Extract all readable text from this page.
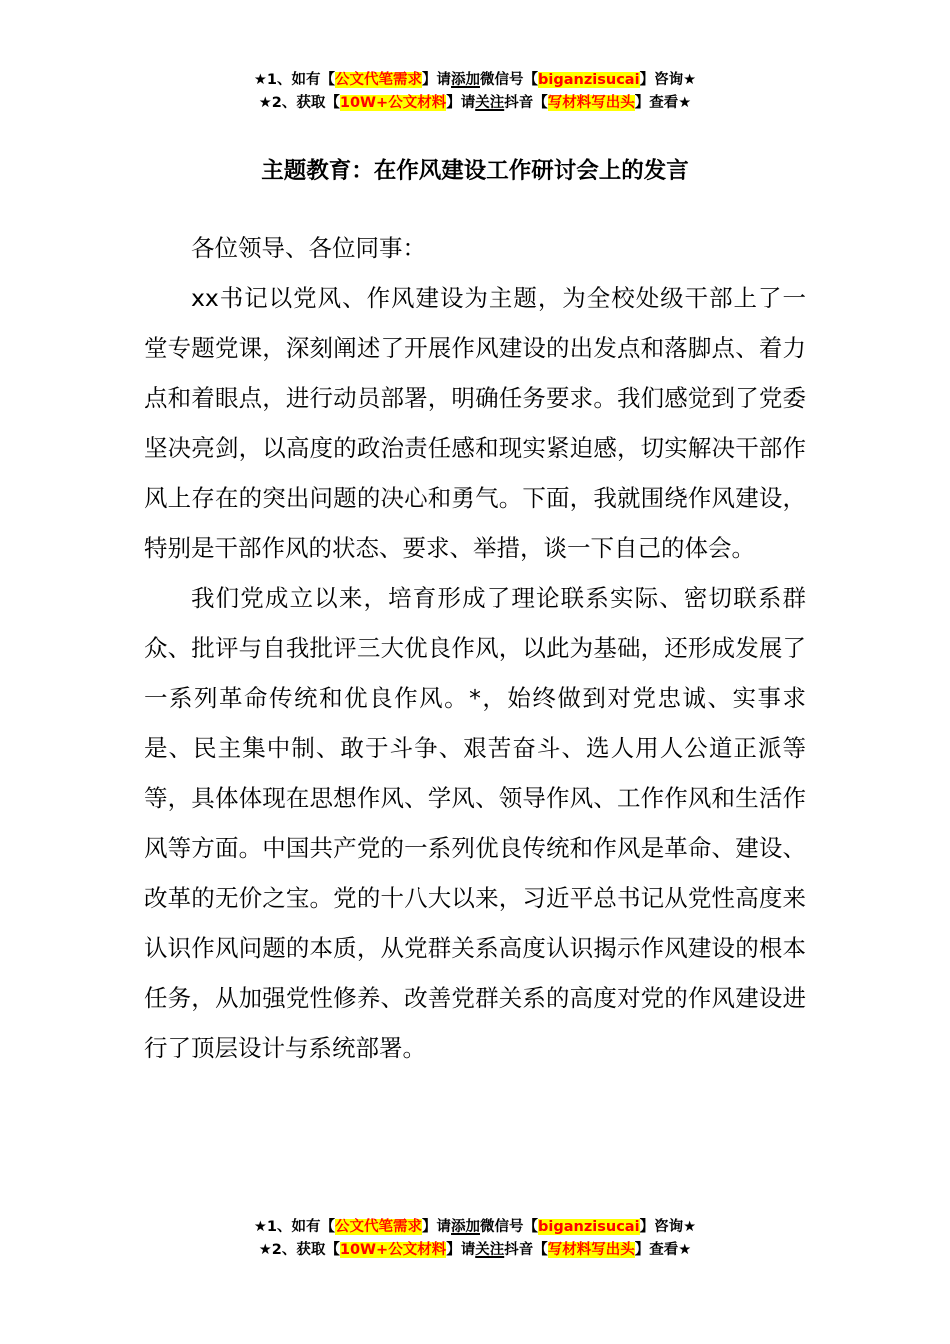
★1、如有【公文代笔需求】请添加微信号【biganzisucai】咨询★
★2、获取【10W+公文材料】请关注抖音【写材料写出头】查看★
主题教育：在作风建设工作研讨会上的发言

各位领导、各位同事：

xx书记以党风、作风建设为主题，为全校处级干部上了一堂专题党课，深刻阐述了开展作风建设的出发点和落脚点、着力点和着眼点，进行动员部署，明确任务要求。我们感觉到了党委坚决亮剑，以高度的政治责任感和现实紧迫感，切实解决干部作风上存在的突出问题的决心和勇气。下面，我就围绕作风建设，特别是干部作风的状态、要求、举措，谈一下自己的体会。

我们党成立以来，培育形成了理论联系实际、密切联系群众、批评与自我批评三大优良作风，以此为基础，还形成发展了一系列革命传统和优良作风。*，始终做到对党忠诚、实事求是、民主集中制、敢于斗争、艰苦奋斗、选人用人公道正派等等，具体体现在思想作风、学风、领导作风、工作作风和生活作风等方面。中国共产党的一系列优良传统和作风是革命、建设、改革的无价之宝。党的十八大以来，习近平总书记从党性高度来认识作风问题的本质，从党群关系高度认识揭示作风建设的根本任务，从加强党性修养、改善党群关系的高度对党的作风建设进行了顶层设计与系统部署。

★1、如有【公文代笔需求】请添加微信号【biganzisucai】咨询★
★2、获取【10W+公文材料】请关注抖音【写材料写出头】查看★
